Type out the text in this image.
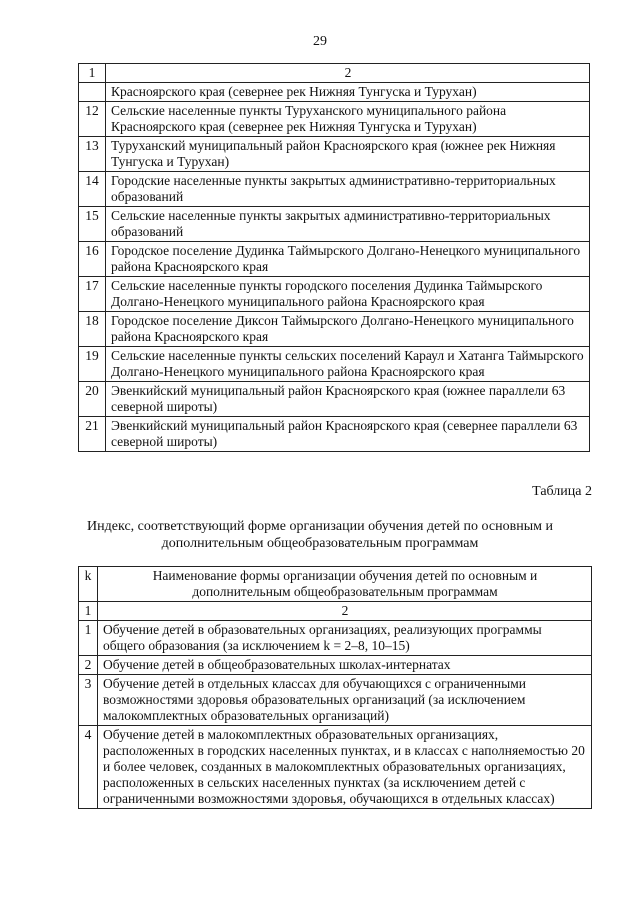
29
1	2
	Красноярского края (севернее рек Нижняя Тунгуска и Турухан)
12	Сельские населенные пункты Туруханского муниципального района Красноярского края (севернее рек Нижняя Тунгуска и Турухан)
13	Туруханский муниципальный район Красноярского края (южнее рек Нижняя Тунгуска и Турухан)
14	Городские населенные пункты закрытых административно-территориальных образований
15	Сельские населенные пункты закрытых административно-территориальных образований
16	Городское поселение Дудинка Таймырского Долгано-Ненецкого муниципального района Красноярского края
17	Сельские населенные пункты городского поселения Дудинка Таймырского Долгано-Ненецкого муниципального района Красноярского края
18	Городское поселение Диксон Таймырского Долгано-Ненецкого муниципального района Красноярского края
19	Сельские населенные пункты сельских поселений Караул и Хатанга Таймырского Долгано-Ненецкого муниципального района Красноярского края
20	Эвенкийский муниципальный район Красноярского края (южнее параллели 63 северной широты)
21	Эвенкийский муниципальный район Красноярского края (севернее параллели 63 северной широты)
Таблица 2
Индекс, соответствующий форме организации обучения детей по основным и дополнительным общеобразовательным программам
k	Наименование формы организации обучения детей по основным и дополнительным общеобразовательным программам
1	2
1	Обучение детей в образовательных организациях, реализующих программы общего образования (за исключением k = 2–8, 10–15)
2	Обучение детей в общеобразовательных школах-интернатах
3	Обучение детей в отдельных классах для обучающихся с ограниченными возможностями здоровья образовательных организаций (за исключением малокомплектных образовательных организаций)
4	Обучение детей в малокомплектных образовательных организациях, расположенных в городских населенных пунктах, и в классах с наполняемостью 20 и более человек, созданных в малокомплектных образовательных организациях, расположенных в сельских населенных пунктах (за исключением детей с ограниченными возможностями здоровья, обучающихся в отдельных классах)
